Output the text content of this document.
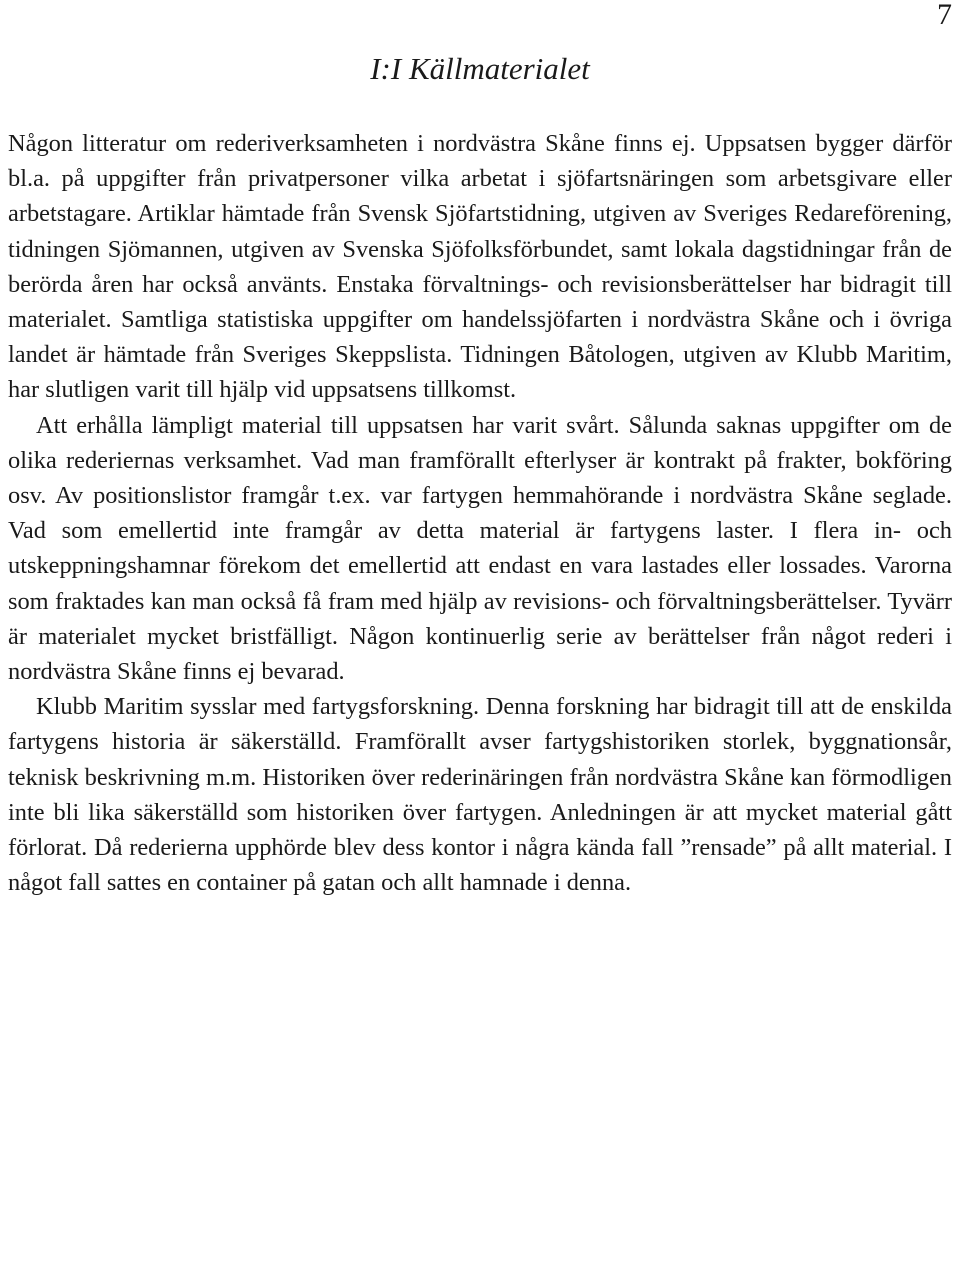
7
I:I Källmaterialet

Någon litteratur om rederiverksamheten i nordvästra Skåne finns ej. Uppsatsen bygger därför bl.a. på uppgifter från privatpersoner vilka arbetat i sjöfartsnäringen som arbetsgivare eller arbetstagare. Artiklar hämtade från Svensk Sjöfartstidning, utgiven av Sveriges Redareförening, tidningen Sjömannen, utgiven av Svenska Sjöfolksförbundet, samt lokala dagstidningar från de berörda åren har också använts. Enstaka förvaltnings- och revisionsberättelser har bidragit till materialet. Samtliga statistiska uppgifter om handelssjöfarten i nordvästra Skåne och i övriga landet är hämtade från Sveriges Skeppslista. Tidningen Båtologen, utgiven av Klubb Maritim, har slutligen varit till hjälp vid uppsatsens tillkomst.

Att erhålla lämpligt material till uppsatsen har varit svårt. Sålunda saknas uppgifter om de olika rederiernas verksamhet. Vad man framförallt efterlyser är kontrakt på frakter, bokföring osv. Av positionslistor framgår t.ex. var fartygen hemmahörande i nordvästra Skåne seglade. Vad som emellertid inte framgår av detta material är fartygens laster. I flera in- och utskeppningshamnar förekom det emellertid att endast en vara lastades eller lossades. Varorna som fraktades kan man också få fram med hjälp av revisions- och förvaltningsberättelser. Tyvärr är materialet mycket bristfälligt. Någon kontinuerlig serie av berättelser från något rederi i nordvästra Skåne finns ej bevarad.

Klubb Maritim sysslar med fartygsforskning. Denna forskning har bidragit till att de enskilda fartygens historia är säkerställd. Framförallt avser fartygshistoriken storlek, byggnationsår, teknisk beskrivning m.m. Historiken över rederinäringen från nordvästra Skåne kan förmodligen inte bli lika säkerställd som historiken över fartygen. Anledningen är att mycket material gått förlorat. Då rederierna upphörde blev dess kontor i några kända fall ”rensade” på allt material. I något fall sattes en container på gatan och allt hamnade i denna.
